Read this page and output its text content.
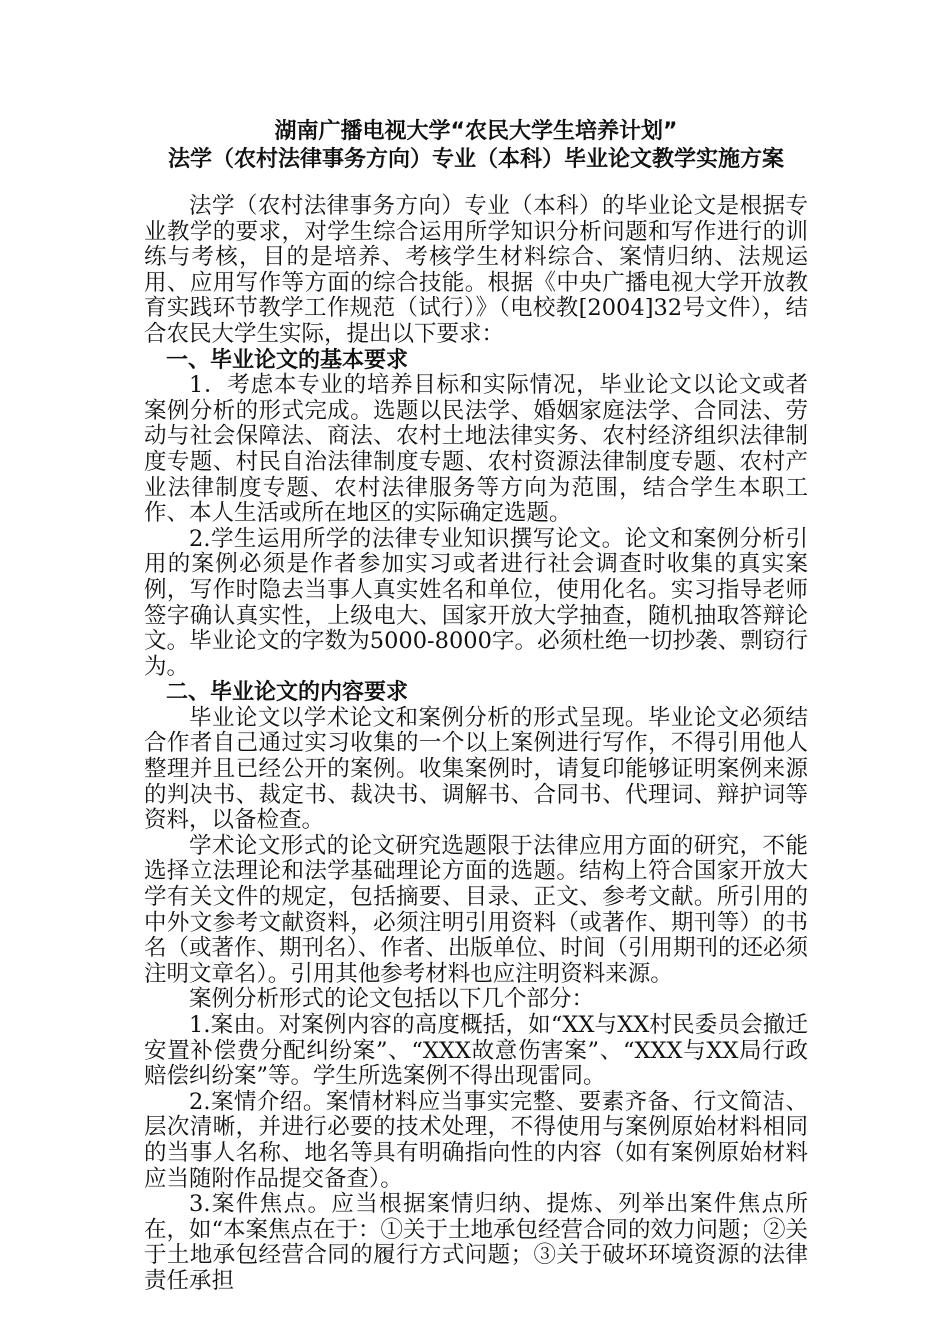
湖南广播电视大学“农民大学生培养计划”
法学（农村法律事务方向）专业（本科）毕业论文教学实施方案

法学（农村法律事务方向）专业（本科）的毕业论文是根据专业教学的要求，对学生综合运用所学知识分析问题和写作进行的训练与考核，目的是培养、考核学生材料综合、案情归纳、法规运用、应用写作等方面的综合技能。根据《中央广播电视大学开放教育实践环节教学工作规范（试行）》（电校教[2004]32号文件），结合农民大学生实际，提出以下要求：

一、毕业论文的基本要求

1．考虑本专业的培养目标和实际情况，毕业论文以论文或者案例分析的形式完成。选题以民法学、婚姻家庭法学、合同法、劳动与社会保障法、商法、农村土地法律实务、农村经济组织法律制度专题、村民自治法律制度专题、农村资源法律制度专题、农村产业法律制度专题、农村法律服务等方向为范围，结合学生本职工作、本人生活或所在地区的实际确定选题。

2.学生运用所学的法律专业知识撰写论文。论文和案例分析引用的案例必须是作者参加实习或者进行社会调查时收集的真实案例，写作时隐去当事人真实姓名和单位，使用化名。实习指导老师签字确认真实性，上级电大、国家开放大学抽查，随机抽取答辩论文。毕业论文的字数为5000-8000字。必须杜绝一切抄袭、剽窃行为。

二、毕业论文的内容要求

毕业论文以学术论文和案例分析的形式呈现。毕业论文必须结合作者自己通过实习收集的一个以上案例进行写作，不得引用他人整理并且已经公开的案例。收集案例时，请复印能够证明案例来源的判决书、裁定书、裁决书、调解书、合同书、代理词、辩护词等资料，以备检查。

学术论文形式的论文研究选题限于法律应用方面的研究，不能选择立法理论和法学基础理论方面的选题。结构上符合国家开放大学有关文件的规定，包括摘要、目录、正文、参考文献。所引用的中外文参考文献资料，必须注明引用资料（或著作、期刊等）的书名（或著作、期刊名）、作者、出版单位、时间（引用期刊的还必须注明文章名）。引用其他参考材料也应注明资料来源。

案例分析形式的论文包括以下几个部分：

1.案由。对案例内容的高度概括，如“XX与XX村民委员会撤迁安置补偿费分配纠纷案”、“XXX故意伤害案”、“XXX与XX局行政赔偿纠纷案”等。学生所选案例不得出现雷同。

2.案情介绍。案情材料应当事实完整、要素齐备、行文简洁、层次清晰，并进行必要的技术处理，不得使用与案例原始材料相同的当事人名称、地名等具有明确指向性的内容（如有案例原始材料应当随附作品提交备查）。

3.案件焦点。应当根据案情归纳、提炼、列举出案件焦点所在，如“本案焦点在于：①关于土地承包经营合同的效力问题；②关于土地承包经营合同的履行方式问题；③关于破坏环境资源的法律责任承担
